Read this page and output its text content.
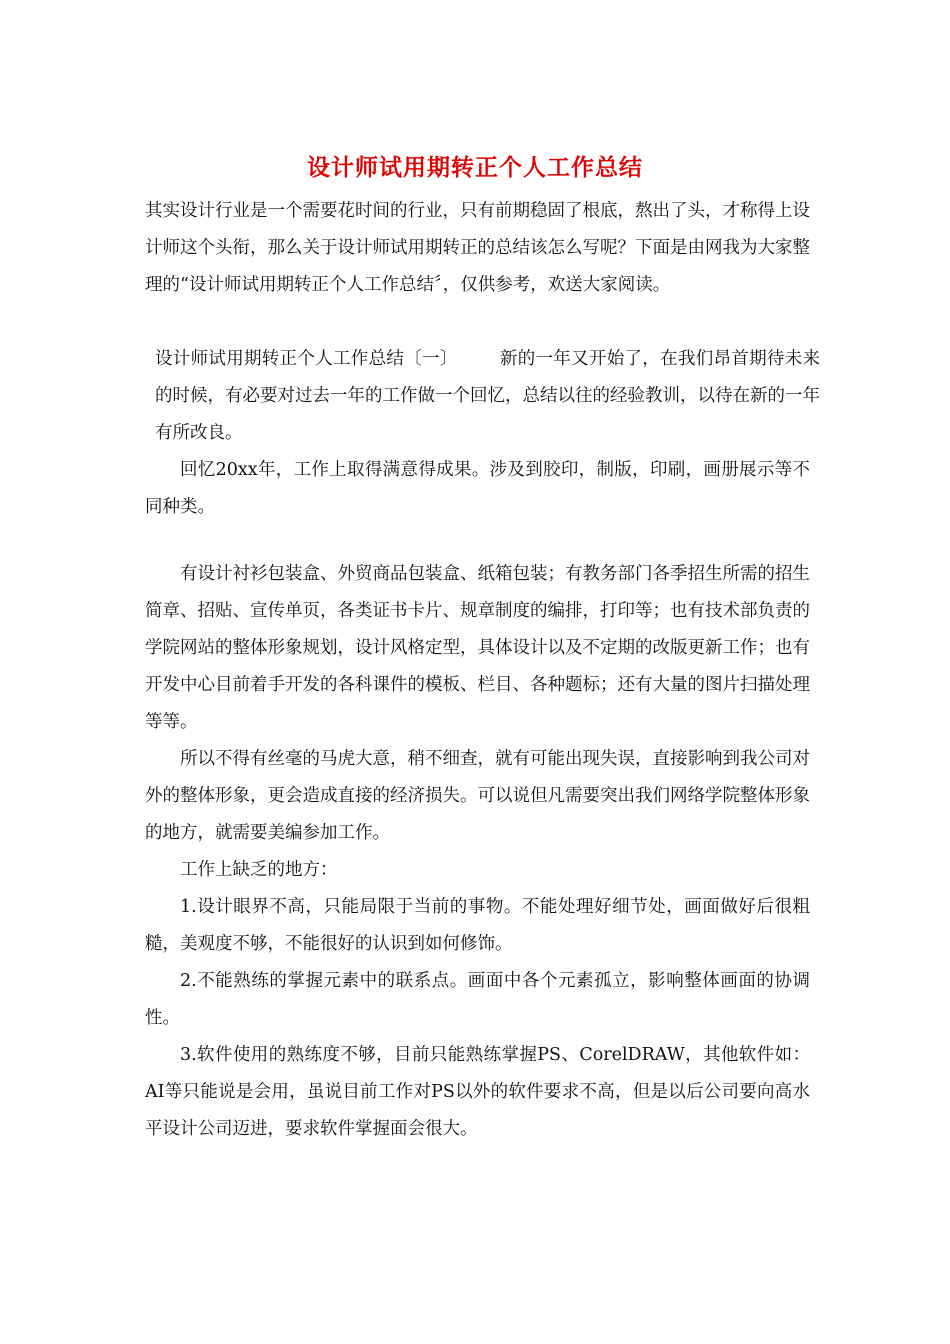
设计师试用期转正个人工作总结
其实设计行业是一个需要花时间的行业，只有前期稳固了根底，熬出了头，才称得上设计师这个头衔，那么关于设计师试用期转正的总结该怎么写呢？下面是由网我为大家整理的“设计师试用期转正个人工作总结〞，仅供参考，欢送大家阅读。
设计师试用期转正个人工作总结〔一〕 新的一年又开始了，在我们昂首期待未来的时候，有必要对过去一年的工作做一个回忆，总结以往的经验教训，以待在新的一年有所改良。
回忆20xx年，工作上取得满意得成果。涉及到胶印，制版，印刷，画册展示等不同种类。
有设计衬衫包装盒、外贸商品包装盒、纸箱包装；有教务部门各季招生所需的招生简章、招贴、宣传单页，各类证书卡片、规章制度的编排，打印等；也有技术部负责的学院网站的整体形象规划，设计风格定型，具体设计以及不定期的改版更新工作；也有开发中心目前着手开发的各科课件的模板、栏目、各种题标；还有大量的图片扫描处理等等。
所以不得有丝毫的马虎大意，稍不细查，就有可能出现失误，直接影响到我公司对外的整体形象，更会造成直接的经济损失。可以说但凡需要突出我们网络学院整体形象的地方，就需要美编参加工作。
工作上缺乏的地方：
1.设计眼界不高，只能局限于当前的事物。不能处理好细节处，画面做好后很粗糙，美观度不够，不能很好的认识到如何修饰。
2.不能熟练的掌握元素中的联系点。画面中各个元素孤立，影响整体画面的协调性。
3.软件使用的熟练度不够，目前只能熟练掌握PS、CorelDRAW，其他软件如：AI等只能说是会用，虽说目前工作对PS以外的软件要求不高，但是以后公司要向高水平设计公司迈进，要求软件掌握面会很大。
